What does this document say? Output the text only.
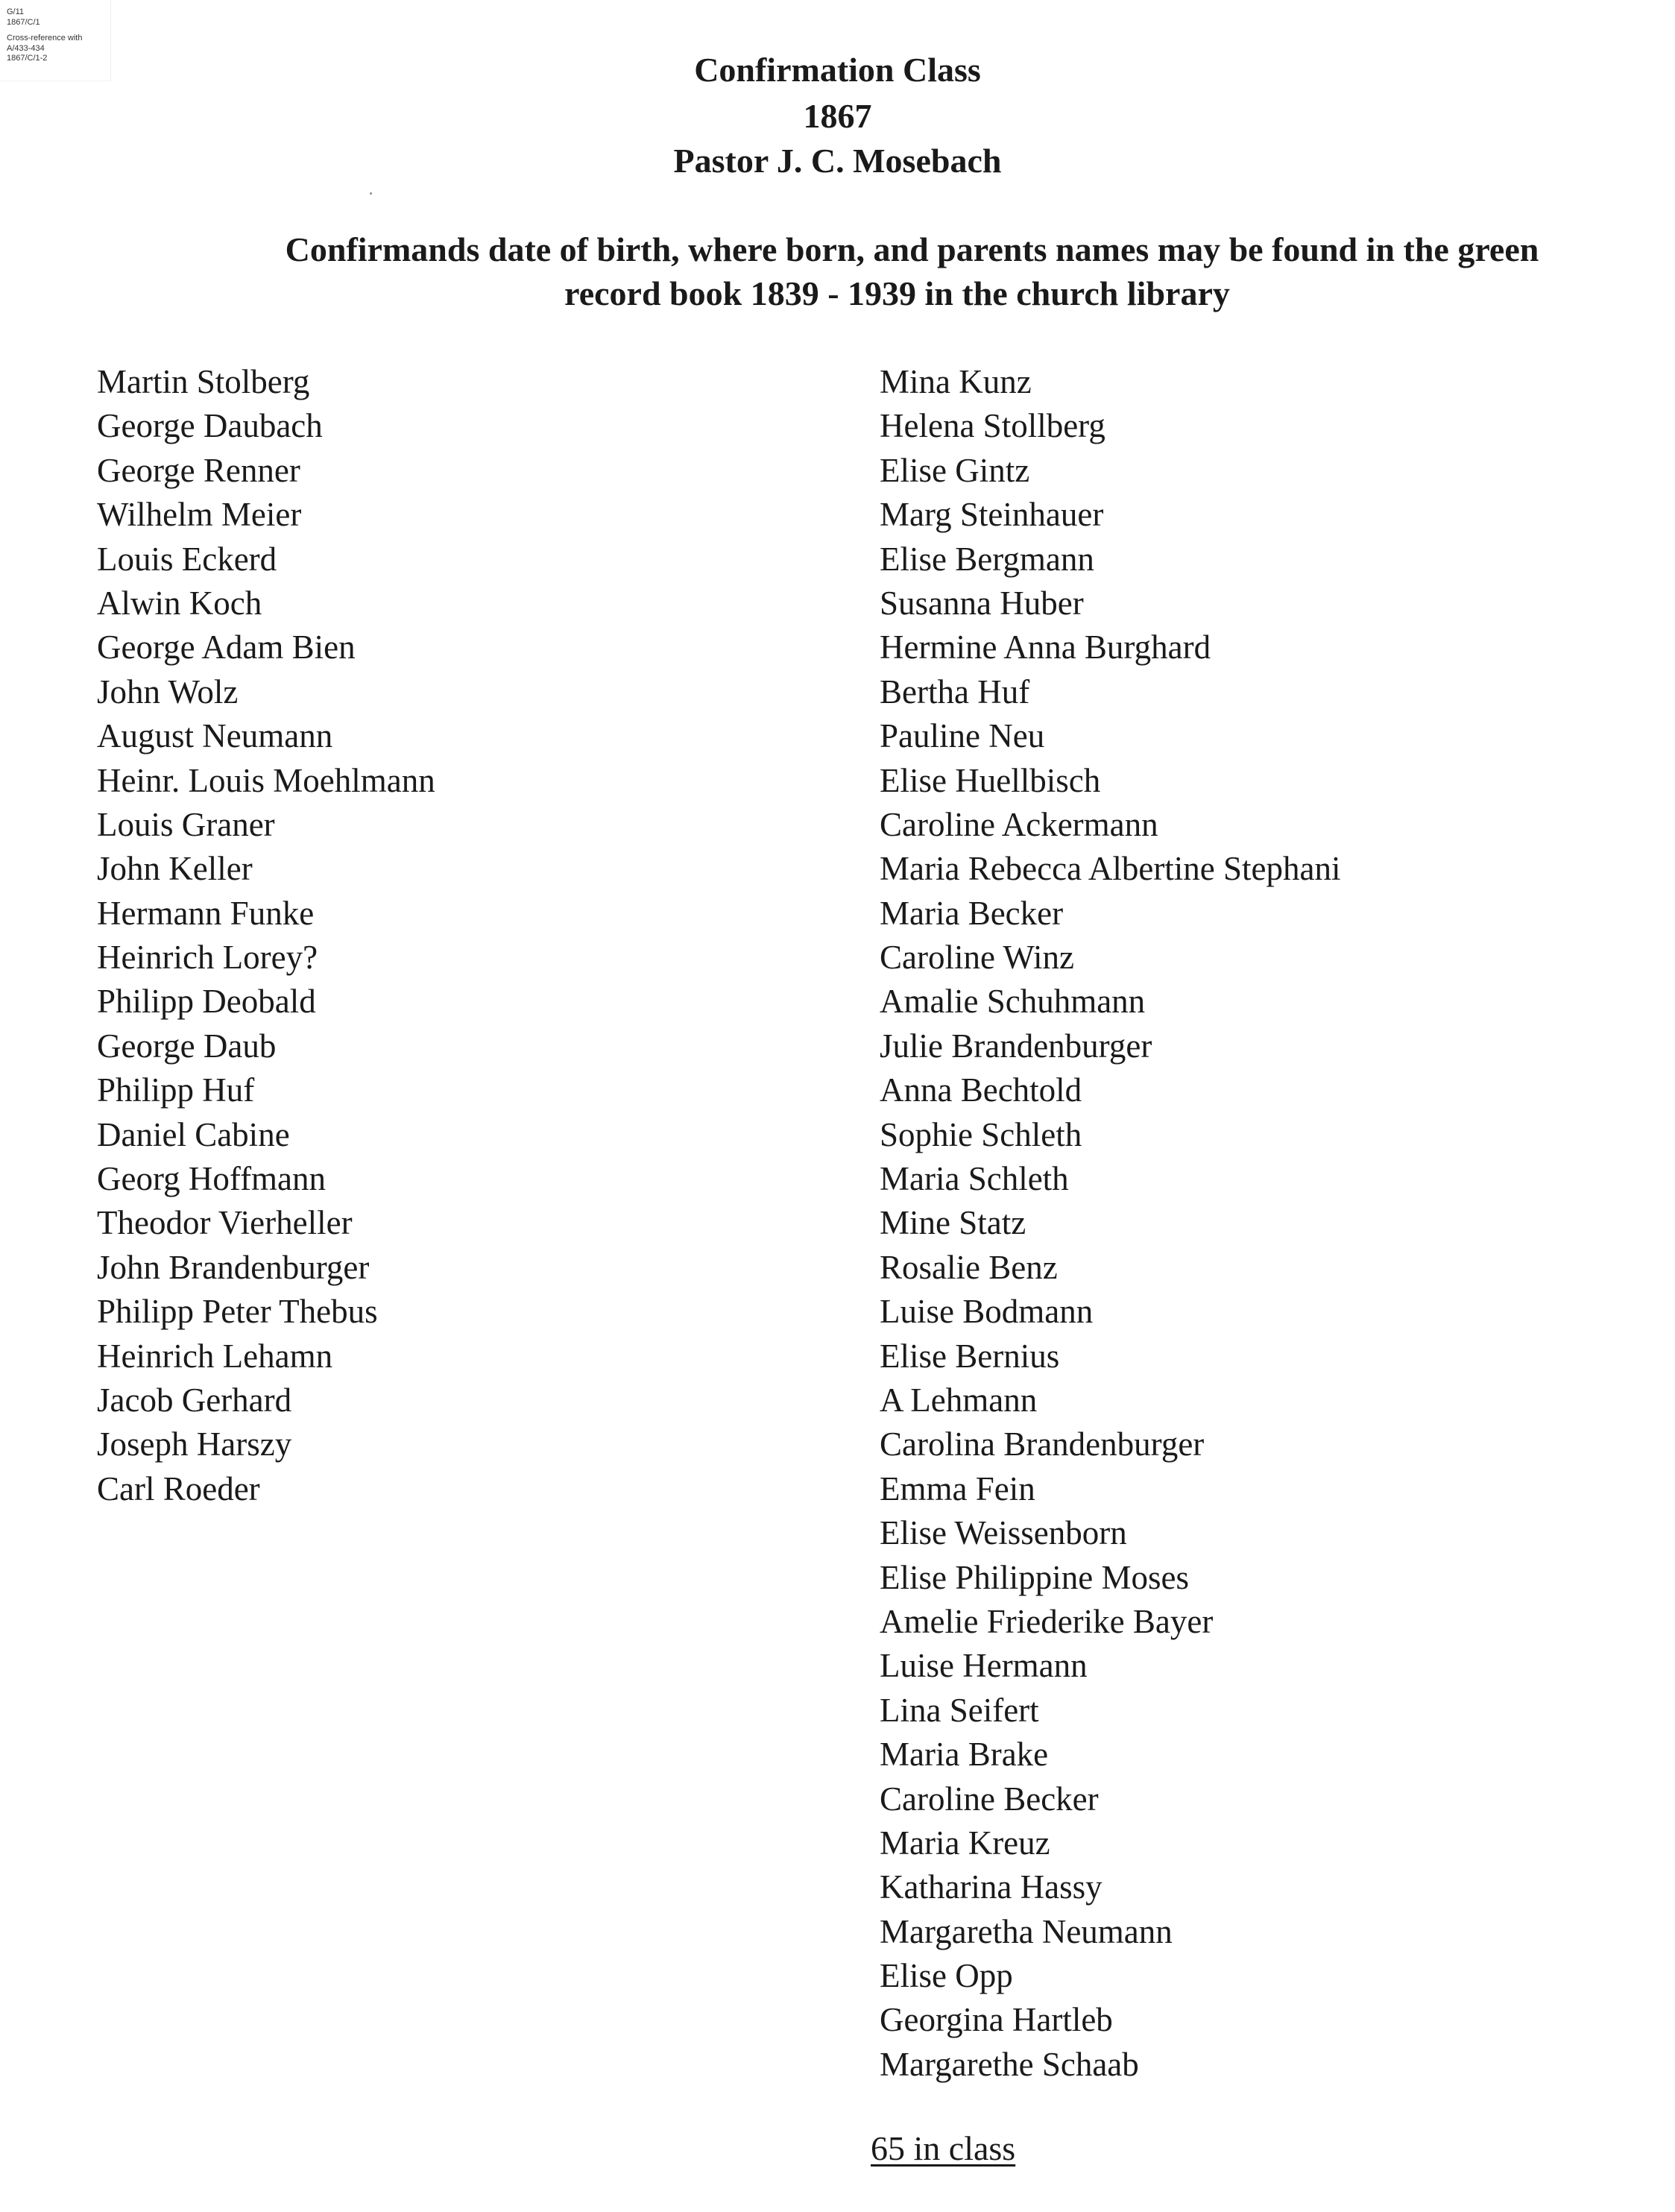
G/11
1867/C/1
Cross-reference with
A/433-434
1867/C/1-2	Confirmation Class
1867
Pastor J. C. Mosebach
Confirmands date of birth, where born, and parents names may be found in the green
record book 1839 - 1939 in the church library
Martin Stolberg
George Daubach
George Renner
Wilhelm Meier
Louis Eckerd
Alwin Koch
George Adam Bien
John Wolz
August Neumann
Heinr. Louis Moehlmann
Louis Graner
John Keller
Hermann Funke
Heinrich Lorey?
Philipp Deobald
George Daub
Philipp Huf
Daniel Cabine
Georg Hoffmann
Theodor Vierheller
John Brandenburger
Philipp Peter Thebus
Heinrich Lehamn
Jacob Gerhard
Joseph Harszy
Carl Roeder
Mina Kunz
Helena Stollberg
Elise Gintz
Marg Steinhauer
Elise Bergmann
Susanna Huber
Hermine Anna Burghard
Bertha Huf
Pauline Neu
Elise Huellbisch
Caroline Ackermann
Maria Rebecca Albertine Stephani
Maria Becker
Caroline Winz
Amalie Schuhmann
Julie Brandenburger
Anna Bechtold
Sophie Schleth
Maria Schleth
Mine Statz
Rosalie Benz
Luise Bodmann
Elise Bernius
A Lehmann
Carolina Brandenburger
Emma Fein
Elise Weissenborn
Elise Philippine Moses
Amelie Friederike Bayer
Luise Hermann
Lina Seifert
Maria Brake
Caroline Becker
Maria Kreuz
Katharina Hassy
Margaretha Neumann
Elise Opp
Georgina Hartleb
Margarethe Schaab
65 in class
